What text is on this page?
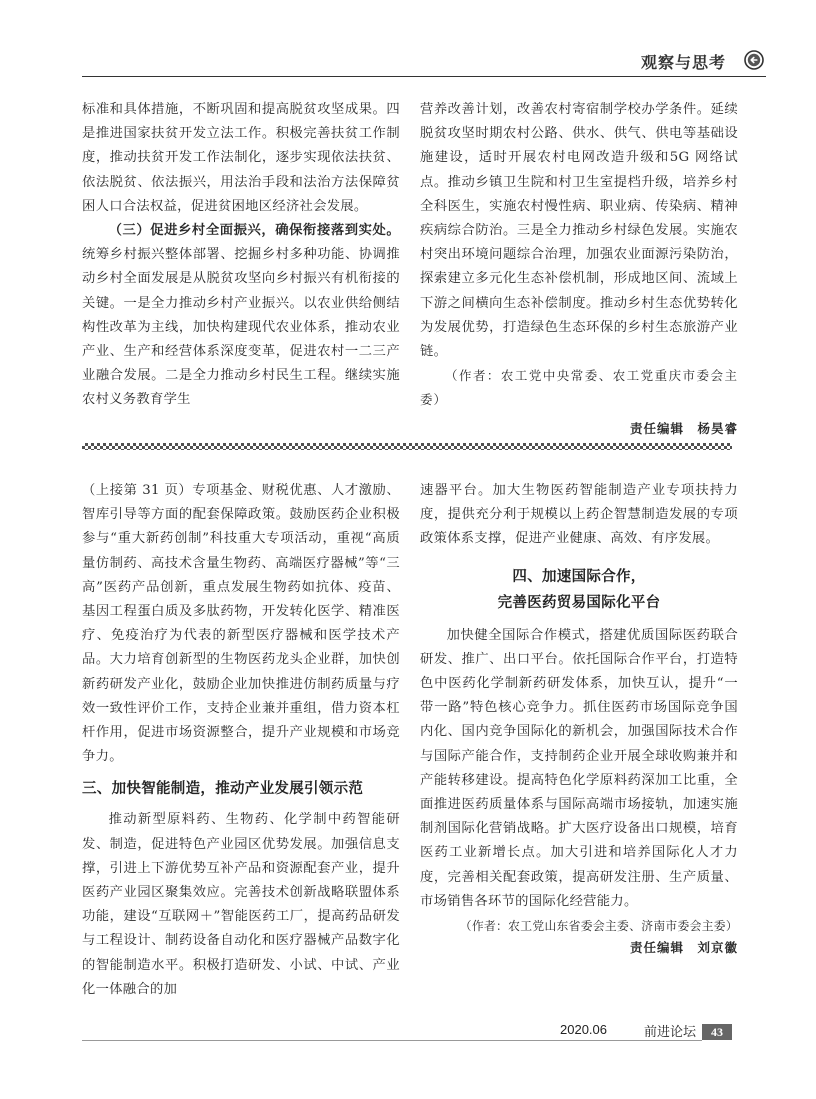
观察与思考

标准和具体措施，不断巩固和提高脱贫攻坚成果。四是推进国家扶贫开发立法工作。积极完善扶贫工作制度，推动扶贫开发工作法制化，逐步实现依法扶贫、依法脱贫、依法振兴，用法治手段和法治方法保障贫困人口合法权益，促进贫困地区经济社会发展。

（三）促进乡村全面振兴，确保衔接落到实处。统筹乡村振兴整体部署、挖掘乡村多种功能、协调推动乡村全面发展是从脱贫攻坚向乡村振兴有机衔接的关键。一是全力推动乡村产业振兴。以农业供给侧结构性改革为主线，加快构建现代农业体系，推动农业产业、生产和经营体系深度变革，促进农村一二三产业融合发展。二是全力推动乡村民生工程。继续实施农村义务教育学生

营养改善计划，改善农村寄宿制学校办学条件。延续脱贫攻坚时期农村公路、供水、供气、供电等基础设施建设，适时开展农村电网改造升级和5G 网络试点。推动乡镇卫生院和村卫生室提档升级，培养乡村全科医生，实施农村慢性病、职业病、传染病、精神疾病综合防治。三是全力推动乡村绿色发展。实施农村突出环境问题综合治理，加强农业面源污染防治，探索建立多元化生态补偿机制，形成地区间、流域上下游之间横向生态补偿制度。推动乡村生态优势转化为发展优势，打造绿色生态环保的乡村生态旅游产业链。

（作者：农工党中央常委、农工党重庆市委会主委）

责任编辑　杨昊睿

（上接第 31 页）专项基金、财税优惠、人才激励、智库引导等方面的配套保障政策。鼓励医药企业积极参与“重大新药创制”科技重大专项活动，重视“高质量仿制药、高技术含量生物药、高端医疗器械”等“三高”医药产品创新，重点发展生物药如抗体、疫苗、基因工程蛋白质及多肽药物，开发转化医学、精准医疗、免疫治疗为代表的新型医疗器械和医学技术产品。大力培育创新型的生物医药龙头企业群，加快创新药研发产业化，鼓励企业加快推进仿制药质量与疗效一致性评价工作，支持企业兼并重组，借力资本杠杆作用，促进市场资源整合，提升产业规模和市场竞争力。

三、加快智能制造，推动产业发展引领示范

推动新型原料药、生物药、化学制中药智能研发、制造，促进特色产业园区优势发展。加强信息支撑，引进上下游优势互补产品和资源配套产业，提升医药产业园区聚集效应。完善技术创新战略联盟体系功能，建设“互联网＋”智能医药工厂，提高药品研发与工程设计、制药设备自动化和医疗器械产品数字化的智能制造水平。积极打造研发、小试、中试、产业化一体融合的加

速器平台。加大生物医药智能制造产业专项扶持力度，提供充分利于规模以上药企智慧制造发展的专项政策体系支撑，促进产业健康、高效、有序发展。

四、加速国际合作，

完善医药贸易国际化平台

加快健全国际合作模式，搭建优质国际医药联合研发、推广、出口平台。依托国际合作平台，打造特色中医药化学制新药研发体系，加快互认，提升“一带一路”特色核心竞争力。抓住医药市场国际竞争国内化、国内竞争国际化的新机会，加强国际技术合作与国际产能合作，支持制药企业开展全球收购兼并和产能转移建设。提高特色化学原料药深加工比重，全面推进医药质量体系与国际高端市场接轨，加速实施制剂国际化营销战略。扩大医疗设备出口规模，培育医药工业新增长点。加大引进和培养国际化人才力度，完善相关配套政策，提高研发注册、生产质量、市场销售各环节的国际化经营能力。

（作者：农工党山东省委会主委、济南市委会主委）

责任编辑　刘京徽

2020.06	前进论坛	43
